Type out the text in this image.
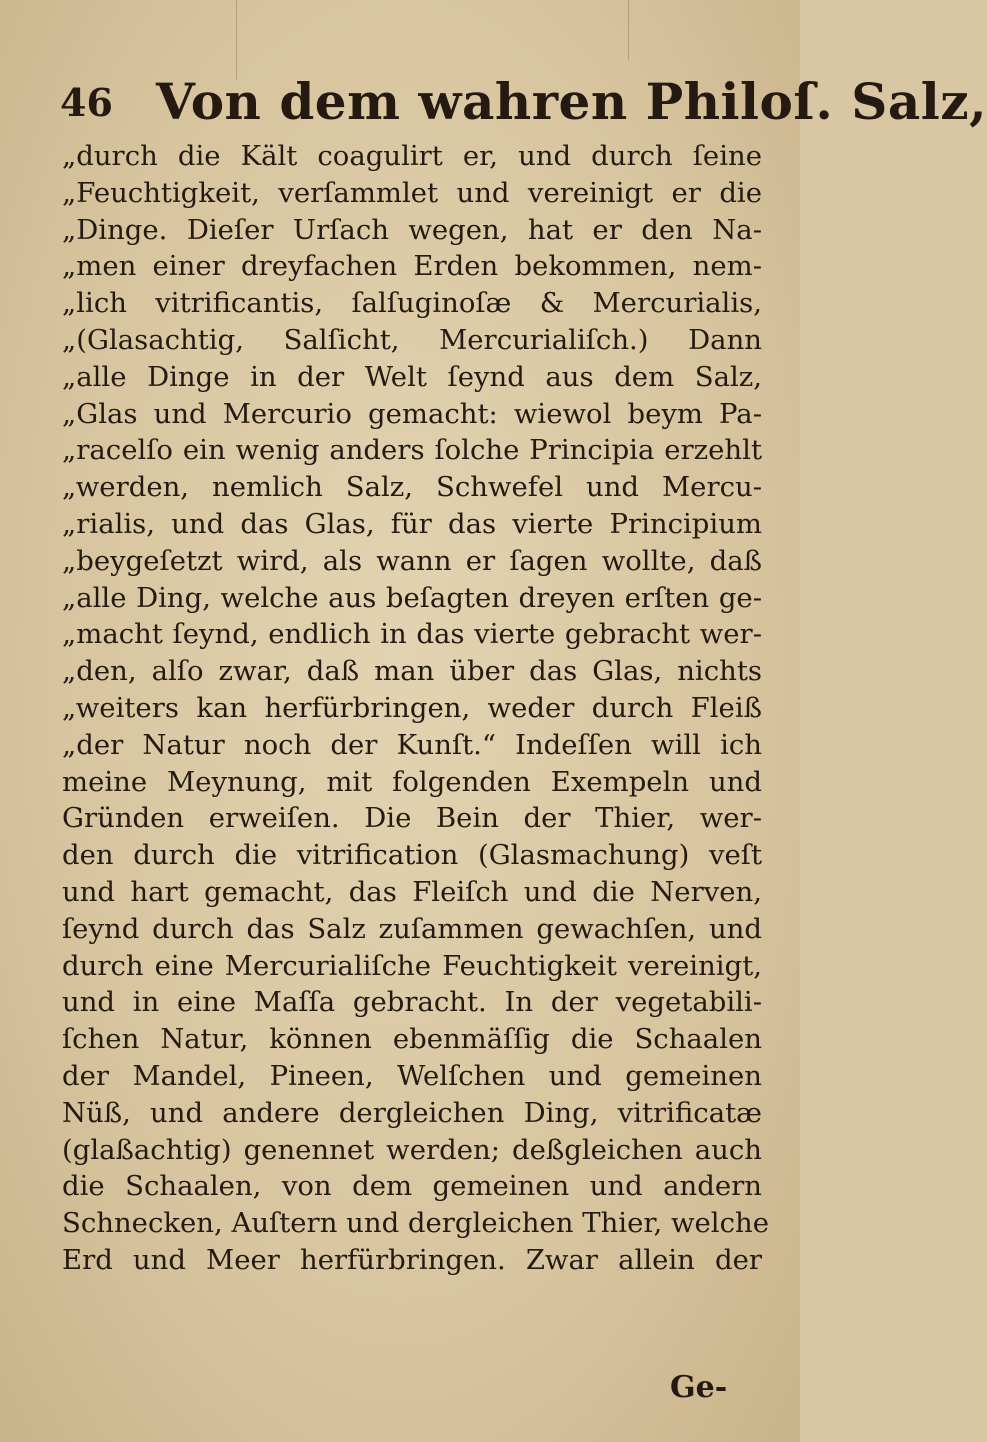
46 Von dem wahren Philoſ. Salz,
„durch die Kält coagulirt er, und durch ſeine
„Feuchtigkeit, verſammlet und vereinigt er die
„Dinge. Dieſer Urſach wegen, hat er den Na-
„men einer dreyfachen Erden bekommen, nem-
„lich vitrificantis, ſalſuginoſæ & Mercurialis,
„(Glasachtig, Salſicht, Mercurialiſch.) Dann
„alle Dinge in der Welt ſeynd aus dem Salz,
„Glas und Mercurio gemacht: wiewol beym Pa-
„racelſo ein wenig anders ſolche Principia erzehlt
„werden, nemlich Salz, Schwefel und Mercu-
„rialis, und das Glas, für das vierte Principium
„beygeſetzt wird, als wann er ſagen wollte, daß
„alle Ding, welche aus beſagten dreyen erſten ge-
„macht ſeynd, endlich in das vierte gebracht wer-
„den, alſo zwar, daß man über das Glas, nichts
„weiters kan herfürbringen, weder durch Fleiß
„der Natur noch der Kunſt.“ Indeſſen will ich
meine Meynung, mit folgenden Exempeln und
Gründen erweiſen. Die Bein der Thier, wer-
den durch die vitrification (Glasmachung) veſt
und hart gemacht, das Fleiſch und die Nerven,
ſeynd durch das Salz zuſammen gewachſen, und
durch eine Mercurialiſche Feuchtigkeit vereinigt,
und in eine Maſſa gebracht. In der vegetabili-
ſchen Natur, können ebenmäſſig die Schaalen
der Mandel, Pineen, Welſchen und gemeinen
Nüß, und andere dergleichen Ding, vitrificatæ
(glaßachtig) genennet werden; deßgleichen auch
die Schaalen, von dem gemeinen und andern
Schnecken, Auſtern und dergleichen Thier, welche
Erd und Meer herfürbringen. Zwar allein der
Ge-
